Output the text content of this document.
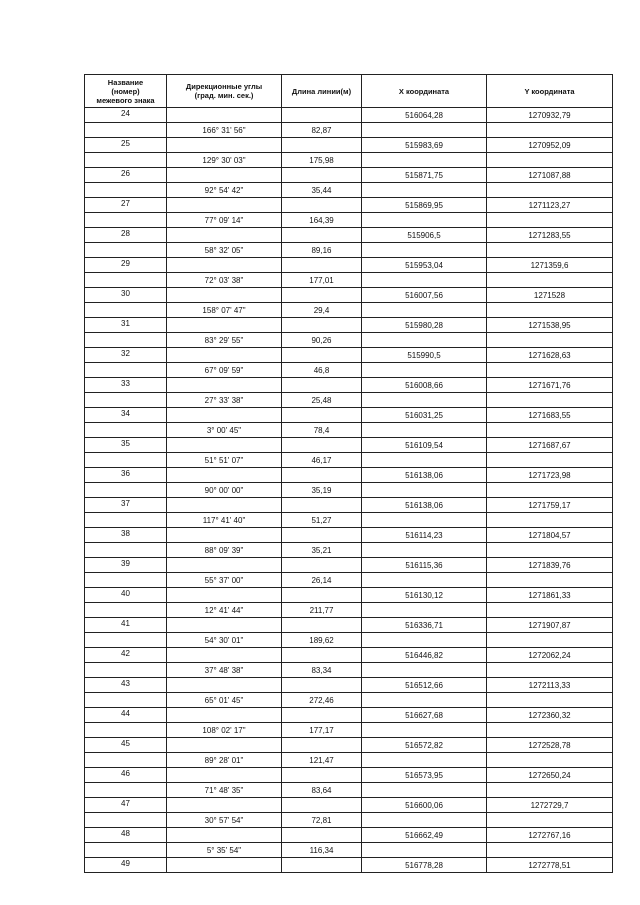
Название
(номер)
межевого знака	Дирекционные углы
(град. мин. сек.)	Длина линии(м)	X координата	Y координата
24			516064,28	1270932,79
	166° 31' 56"	82,87		
25			515983,69	1270952,09
	129° 30' 03"	175,98		
26			515871,75	1271087,88
	92° 54' 42"	35,44		
27			515869,95	1271123,27
	77° 09' 14"	164,39		
28			515906,5	1271283,55
	58° 32' 05"	89,16		
29			515953,04	1271359,6
	72° 03' 38"	177,01		
30			516007,56	1271528
	158° 07' 47"	29,4		
31			515980,28	1271538,95
	83° 29' 55"	90,26		
32			515990,5	1271628,63
	67° 09' 59"	46,8		
33			516008,66	1271671,76
	27° 33' 38"	25,48		
34			516031,25	1271683,55
	3° 00' 45"	78,4		
35			516109,54	1271687,67
	51° 51' 07"	46,17		
36			516138,06	1271723,98
	90° 00' 00"	35,19		
37			516138,06	1271759,17
	117° 41' 40"	51,27		
38			516114,23	1271804,57
	88° 09' 39"	35,21		
39			516115,36	1271839,76
	55° 37' 00"	26,14		
40			516130,12	1271861,33
	12° 41' 44"	211,77		
41			516336,71	1271907,87
	54° 30' 01"	189,62		
42			516446,82	1272062,24
	37° 48' 38"	83,34		
43			516512,66	1272113,33
	65° 01' 45"	272,46		
44			516627,68	1272360,32
	108° 02' 17"	177,17		
45			516572,82	1272528,78
	89° 28' 01"	121,47		
46			516573,95	1272650,24
	71° 48' 35"	83,64		
47			516600,06	1272729,7
	30° 57' 54"	72,81		
48			516662,49	1272767,16
	5° 35' 54"	116,34		
49			516778,28	1272778,51
